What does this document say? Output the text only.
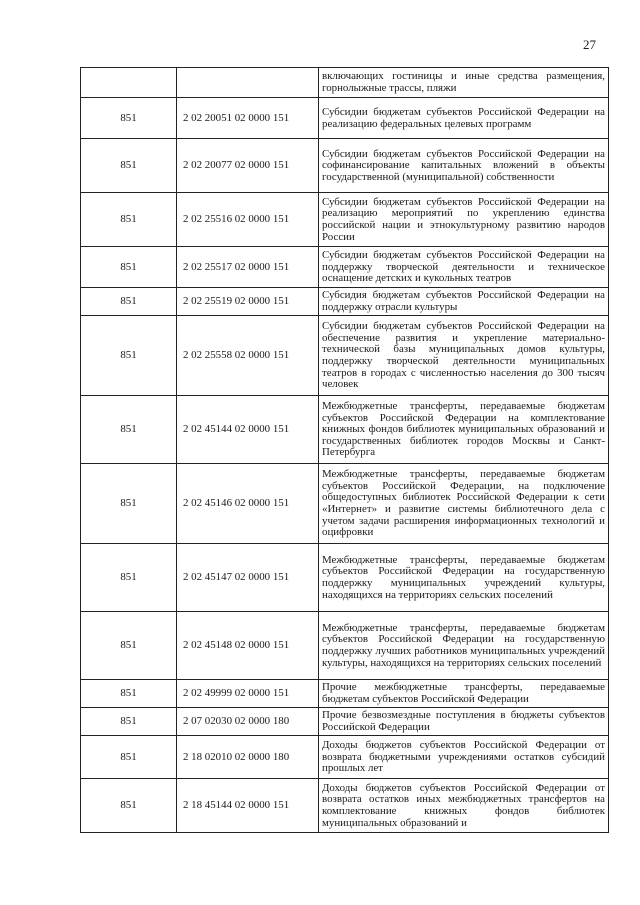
27
		включающих гостиницы и иные средства размещения, горнолыжные трассы, пляжи
851	2 02 20051 02 0000 151	Субсидии бюджетам субъектов Российской Федерации на реализацию федеральных целевых программ
851	2 02 20077 02 0000 151	Субсидии бюджетам субъектов Российской Федерации на софинансирование капитальных вложений в объекты государственной (муниципальной) собственности
851	2 02 25516 02 0000 151	Субсидии бюджетам субъектов Российской Федерации на реализацию мероприятий по укреплению единства российской нации и этнокультурному развитию народов России
851	2 02 25517 02 0000 151	Субсидии бюджетам субъектов Российской Федерации на поддержку творческой деятельности и техническое оснащение детских и кукольных театров
851	2 02 25519 02 0000 151	Субсидия бюджетам субъектов Российской Федерации на поддержку отрасли культуры
851	2 02 25558 02 0000 151	Субсидии бюджетам субъектов Российской Федерации на обеспечение развития и укрепление материально-технической базы муниципальных домов культуры, поддержку творческой деятельности муниципальных театров в городах с численностью населения до 300 тысяч человек
851	2 02 45144 02 0000 151	Межбюджетные трансферты, передаваемые бюджетам субъектов Российской Федерации на комплектование книжных фондов библиотек муниципальных образований и государственных библиотек городов Москвы и Санкт-Петербурга
851	2 02 45146 02 0000 151	Межбюджетные трансферты, передаваемые бюджетам субъектов Российской Федерации, на подключение общедоступных библиотек Российской Федерации к сети «Интернет» и развитие системы библиотечного дела с учетом задачи расширения информационных технологий и оцифровки
851	2 02 45147 02 0000 151	Межбюджетные трансферты, передаваемые бюджетам субъектов Российской Федерации на государственную поддержку муниципальных учреждений культуры, находящихся на территориях сельских поселений
851	2 02 45148 02 0000 151	Межбюджетные трансферты, передаваемые бюджетам субъектов Российской Федерации на государственную поддержку лучших работников муниципальных учреждений культуры, находящихся на территориях сельских поселений
851	2 02 49999 02 0000 151	Прочие межбюджетные трансферты, передаваемые бюджетам субъектов Российской Федерации
851	2 07 02030 02 0000 180	Прочие безвозмездные поступления в бюджеты субъектов Российской Федерации
851	2 18 02010 02 0000 180	Доходы бюджетов субъектов Российской Федерации от возврата бюджетными учреждениями остатков субсидий прошлых лет
851	2 18 45144 02 0000 151	Доходы бюджетов субъектов Российской Федерации от возврата остатков иных межбюджетных трансфертов на комплектование книжных фондов библиотек муниципальных образований и
